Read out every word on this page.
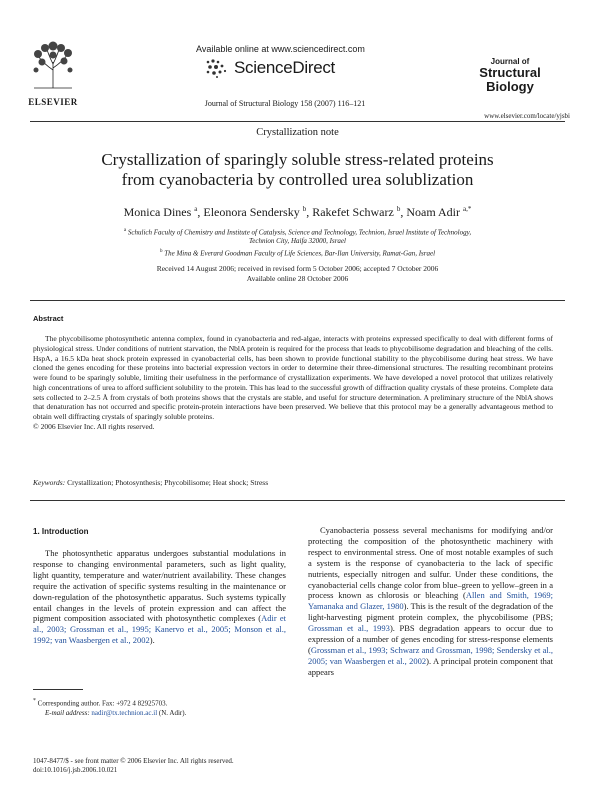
ELSEVIER
Available online at www.sciencedirect.com
ScienceDirect
Journal of Structural Biology 158 (2007) 116–121
Journal of
Structural
Biology
www.elsevier.com/locate/yjsbi
Crystallization note
Crystallization of sparingly soluble stress-related proteins
from cyanobacteria by controlled urea solublization
Monica Dines $^a$, Eleonora Sendersky $^b$, Rakefet Schwarz $^b$, Noam Adir $^{a,*}$
$^a$ Schulich Faculty of Chemistry and Institute of Catalysis, Science and Technology, Technion, Israel Institute of Technology,
Technion City, Haifa 32000, Israel
$^b$ The Mina & Everard Goodman Faculty of Life Sciences, Bar-Ilan University, Ramat-Gan, Israel
Received 14 August 2006; received in revised form 5 October 2006; accepted 7 October 2006
Available online 28 October 2006
Abstract

The phycobilisome photosynthetic antenna complex, found in cyanobacteria and red-algae, interacts with proteins expressed specifically to deal with different forms of physiological stress. Under conditions of nutrient starvation, the NblA protein is required for the process that leads to phycobilisome degradation and bleaching of the cells. HspA, a 16.5 kDa heat shock protein expressed in cyanobacterial cells, has been shown to provide functional stability to the phycobilisome during heat stress. We have cloned the genes encoding for these proteins into bacterial expression vectors in order to determine their three-dimensional structures. The resulting recombinant proteins were found to be sparingly soluble, limiting their usefulness in the performance of crystallization experiments. We have developed a novel protocol that utilizes relatively high concentrations of urea to afford sufficient solubility to the protein. This has lead to the successful growth of diffraction quality crystals of these proteins. Complete data sets collected to 2–2.5 Å from crystals of both proteins shows that the crystals are stable, and useful for structure determination. A preliminary structure of the NblA shows that denaturation has not occurred and specific protein-protein interactions have been preserved. We believe that this protocol may be a generally advantageous method to obtain well diffracting crystals of sparingly soluble proteins.

© 2006 Elsevier Inc. All rights reserved.

Keywords: Crystallization; Photosynthesis; Phycobilisome; Heat shock; Stress
1. Introduction

The photosynthetic apparatus undergoes substantial modulations in response to changing environmental parameters, such as light quality, light quantity, temperature and water/nutrient availability. These changes require the activation of specific systems resulting in the maintenance or down-regulation of the photosynthetic apparatus. Such systems typically entail changes in the levels of protein expression and can affect the pigment composition associated with photosynthetic complexes (Adir et al., 2003; Grossman et al., 1995; Kanervo et al., 2005; Monson et al., 1992; van Waasbergen et al., 2002).

Cyanobacteria possess several mechanisms for modifying and/or protecting the composition of the photosynthetic machinery with respect to environmental stress. One of most notable examples of such a system is the response of cyanobacteria to the lack of specific nutrients, especially nitrogen and sulfur. Under these conditions, the cyanobacterial cells change color from blue–green to yellow–green in a process known as chlorosis or bleaching (Allen and Smith, 1969; Yamanaka and Glazer, 1980). This is the result of the degradation of the light-harvesting pigment protein complex, the phycobilisome (PBS; Grossman et al., 1993). PBS degradation appears to occur due to expression of a number of genes encoding for stress-response elements (Grossman et al., 1993; Schwarz and Grossman, 1998; Sendersky et al., 2005; van Waasbergen et al., 2002). A principal protein component that appears

* Corresponding author. Fax: +972 4 82925703.
E-mail address: nadir@tx.technion.ac.il (N. Adir).
1047-8477/$ - see front matter © 2006 Elsevier Inc. All rights reserved.
doi:10.1016/j.jsb.2006.10.021
